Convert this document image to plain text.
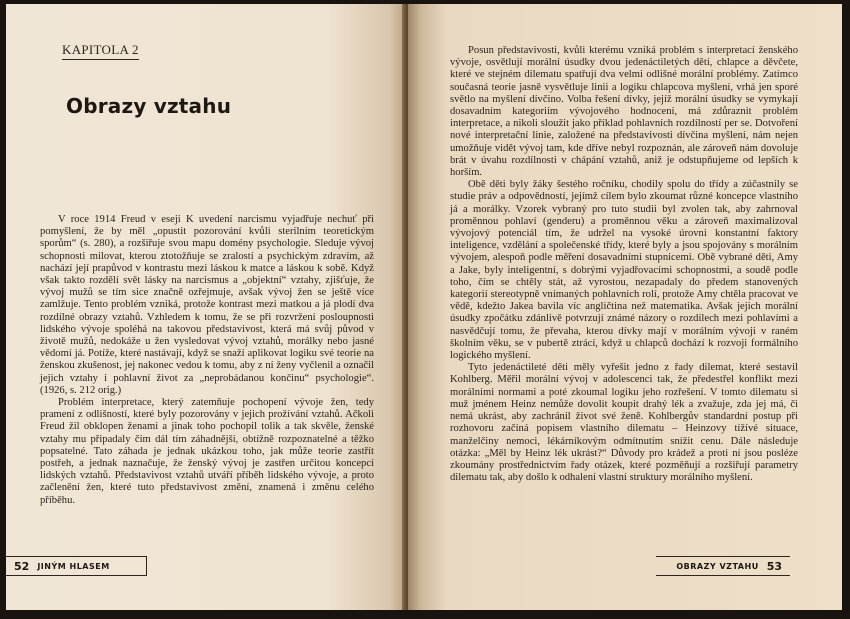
KAPITOLA 2
Obrazy vztahu

V roce 1914 Freud v eseji K uvedení narcismu vyjadřuje nechuť při pomyšlení, že by měl „opustit pozorování kvůli sterilním teoretickým sporům“ (s. 280), a rozšiřuje svou mapu domény psychologie. Sleduje vývoj schopnosti milovat, kterou ztotožňuje se zralostí a psychickým zdravím, až nachází její prapůvod v kontrastu mezi láskou k matce a láskou k sobě. Když však takto rozdělí svět lásky na narcismus a „objektní“ vztahy, zjišťuje, že vývoj mužů se tím sice značně ozřejmuje, avšak vývoj žen se ještě více zamlžuje. Tento problém vzniká, protože kontrast mezi matkou a já plodí dva rozdílné obrazy vztahů. Vzhledem k tomu, že se při rozvržení posloupnosti lidského vývoje spoléhá na takovou představivost, která má svůj původ v životě mužů, nedokáže u žen vysledovat vývoj vztahů, morálky nebo jasné vědomí já. Potíže, které nastávají, když se snaží aplikovat logiku své teorie na ženskou zkušenost, jej nakonec vedou k tomu, aby z ní ženy vyčlenil a označil jejich vztahy i pohlavní život za „neprobádanou končinu“ psychologie“. (1926, s. 212 orig.)

Problém interpretace, který zatemňuje pochopení vývoje žen, tedy pramení z odlišností, které byly pozorovány v jejich prožívání vztahů. Ačkoli Freud žil obklopen ženami a jinak toho pochopil tolik a tak skvěle, ženské vztahy mu připadaly čím dál tím záhadnější, obtížně rozpoznatelné a těžko popsatelné. Tato záhada je jednak ukázkou toho, jak může teorie zastřít postřeh, a jednak naznačuje, že ženský vývoj je zastřen určitou koncepcí lidských vztahů. Představivost vztahů utváří příběh lidského vývoje, a proto začlenění žen, které tuto představivost změní, znamená i změnu celého příběhu.

52 JINÝM HLASEM

Posun představivosti, kvůli kterému vzniká problém s interpretací ženského vývoje, osvětlují morální úsudky dvou jedenáctiletých dětí, chlapce a děvčete, které ve stejném dilematu spatřují dva velmi odlišné morální problémy. Zatímco současná teorie jasně vysvětluje linii a logiku chlapcova myšlení, vrhá jen sporé světlo na myšlení dívčino. Volba řešení dívky, jejíž morální úsudky se vymykají dosavadním kategoriím vývojového hodnocení, má zdůraznit problém interpretace, a nikoli sloužit jako příklad pohlavních rozdílností per se. Dotvoření nové interpretační linie, založené na představivosti dívčina myšlení, nám nejen umožňuje vidět vývoj tam, kde dříve nebyl rozpoznán, ale zároveň nám dovoluje brát v úvahu rozdílnosti v chápání vztahů, aniž je odstupňujeme od lepších k horším.

Obě děti byly žáky šestého ročníku, chodily spolu do třídy a zúčastnily se studie práv a odpovědností, jejímž cílem bylo zkoumat různé koncepce vlastního já a morálky. Vzorek vybraný pro tuto studii byl zvolen tak, aby zahrnoval proměnnou pohlaví (genderu) a proměnnou věku a zároveň maximalizoval vývojový potenciál tím, že udržel na vysoké úrovni konstantní faktory inteligence, vzdělání a společenské třídy, které byly a jsou spojovány s morálním vývojem, alespoň podle měření dosavadními stupnicemi. Obě vybrané děti, Amy a Jake, byly inteligentní, s dobrými vyjadřovacími schopnostmi, a soudě podle toho, čím se chtěly stát, až vyrostou, nezapadaly do předem stanovených kategorií stereotypně vnímaných pohlavních rolí, protože Amy chtěla pracovat ve vědě, kdežto Jakea bavila víc angličtina než matematika. Avšak jejich morální úsudky zpočátku zdánlivě potvrzují známé názory o rozdílech mezi pohlavími a nasvědčují tomu, že převaha, kterou dívky mají v morálním vývoji v raném školním věku, se v pubertě ztrácí, když u chlapců dochází k rozvoji formálního logického myšlení.

Tyto jedenáctileté děti měly vyřešit jedno z řady dilemat, které sestavil Kohlberg. Měřil morální vývoj v adolescenci tak, že předestřel konflikt mezi morálními normami a poté zkoumal logiku jeho rozřešení. V tomto dilematu si muž jménem Heinz nemůže dovolit koupit drahý lék a zvažuje, zda jej má, či nemá ukrást, aby zachránil život své ženě. Kohlbergův standardní postup při rozhovoru začíná popisem vlastního dilematu – Heinzovy tížívé situace, manželčiny nemoci, lékárníkovým odmítnutím snížit cenu. Dále následuje otázka: „Měl by Heinz lék ukrást?“ Důvody pro krádež a proti ní jsou posléze zkoumány prostřednictvím řady otázek, které pozměňují a rozšiřují parametry dilematu tak, aby došlo k odhalení vlastní struktury morálního myšlení.

OBRAZY VZTAHU 53
